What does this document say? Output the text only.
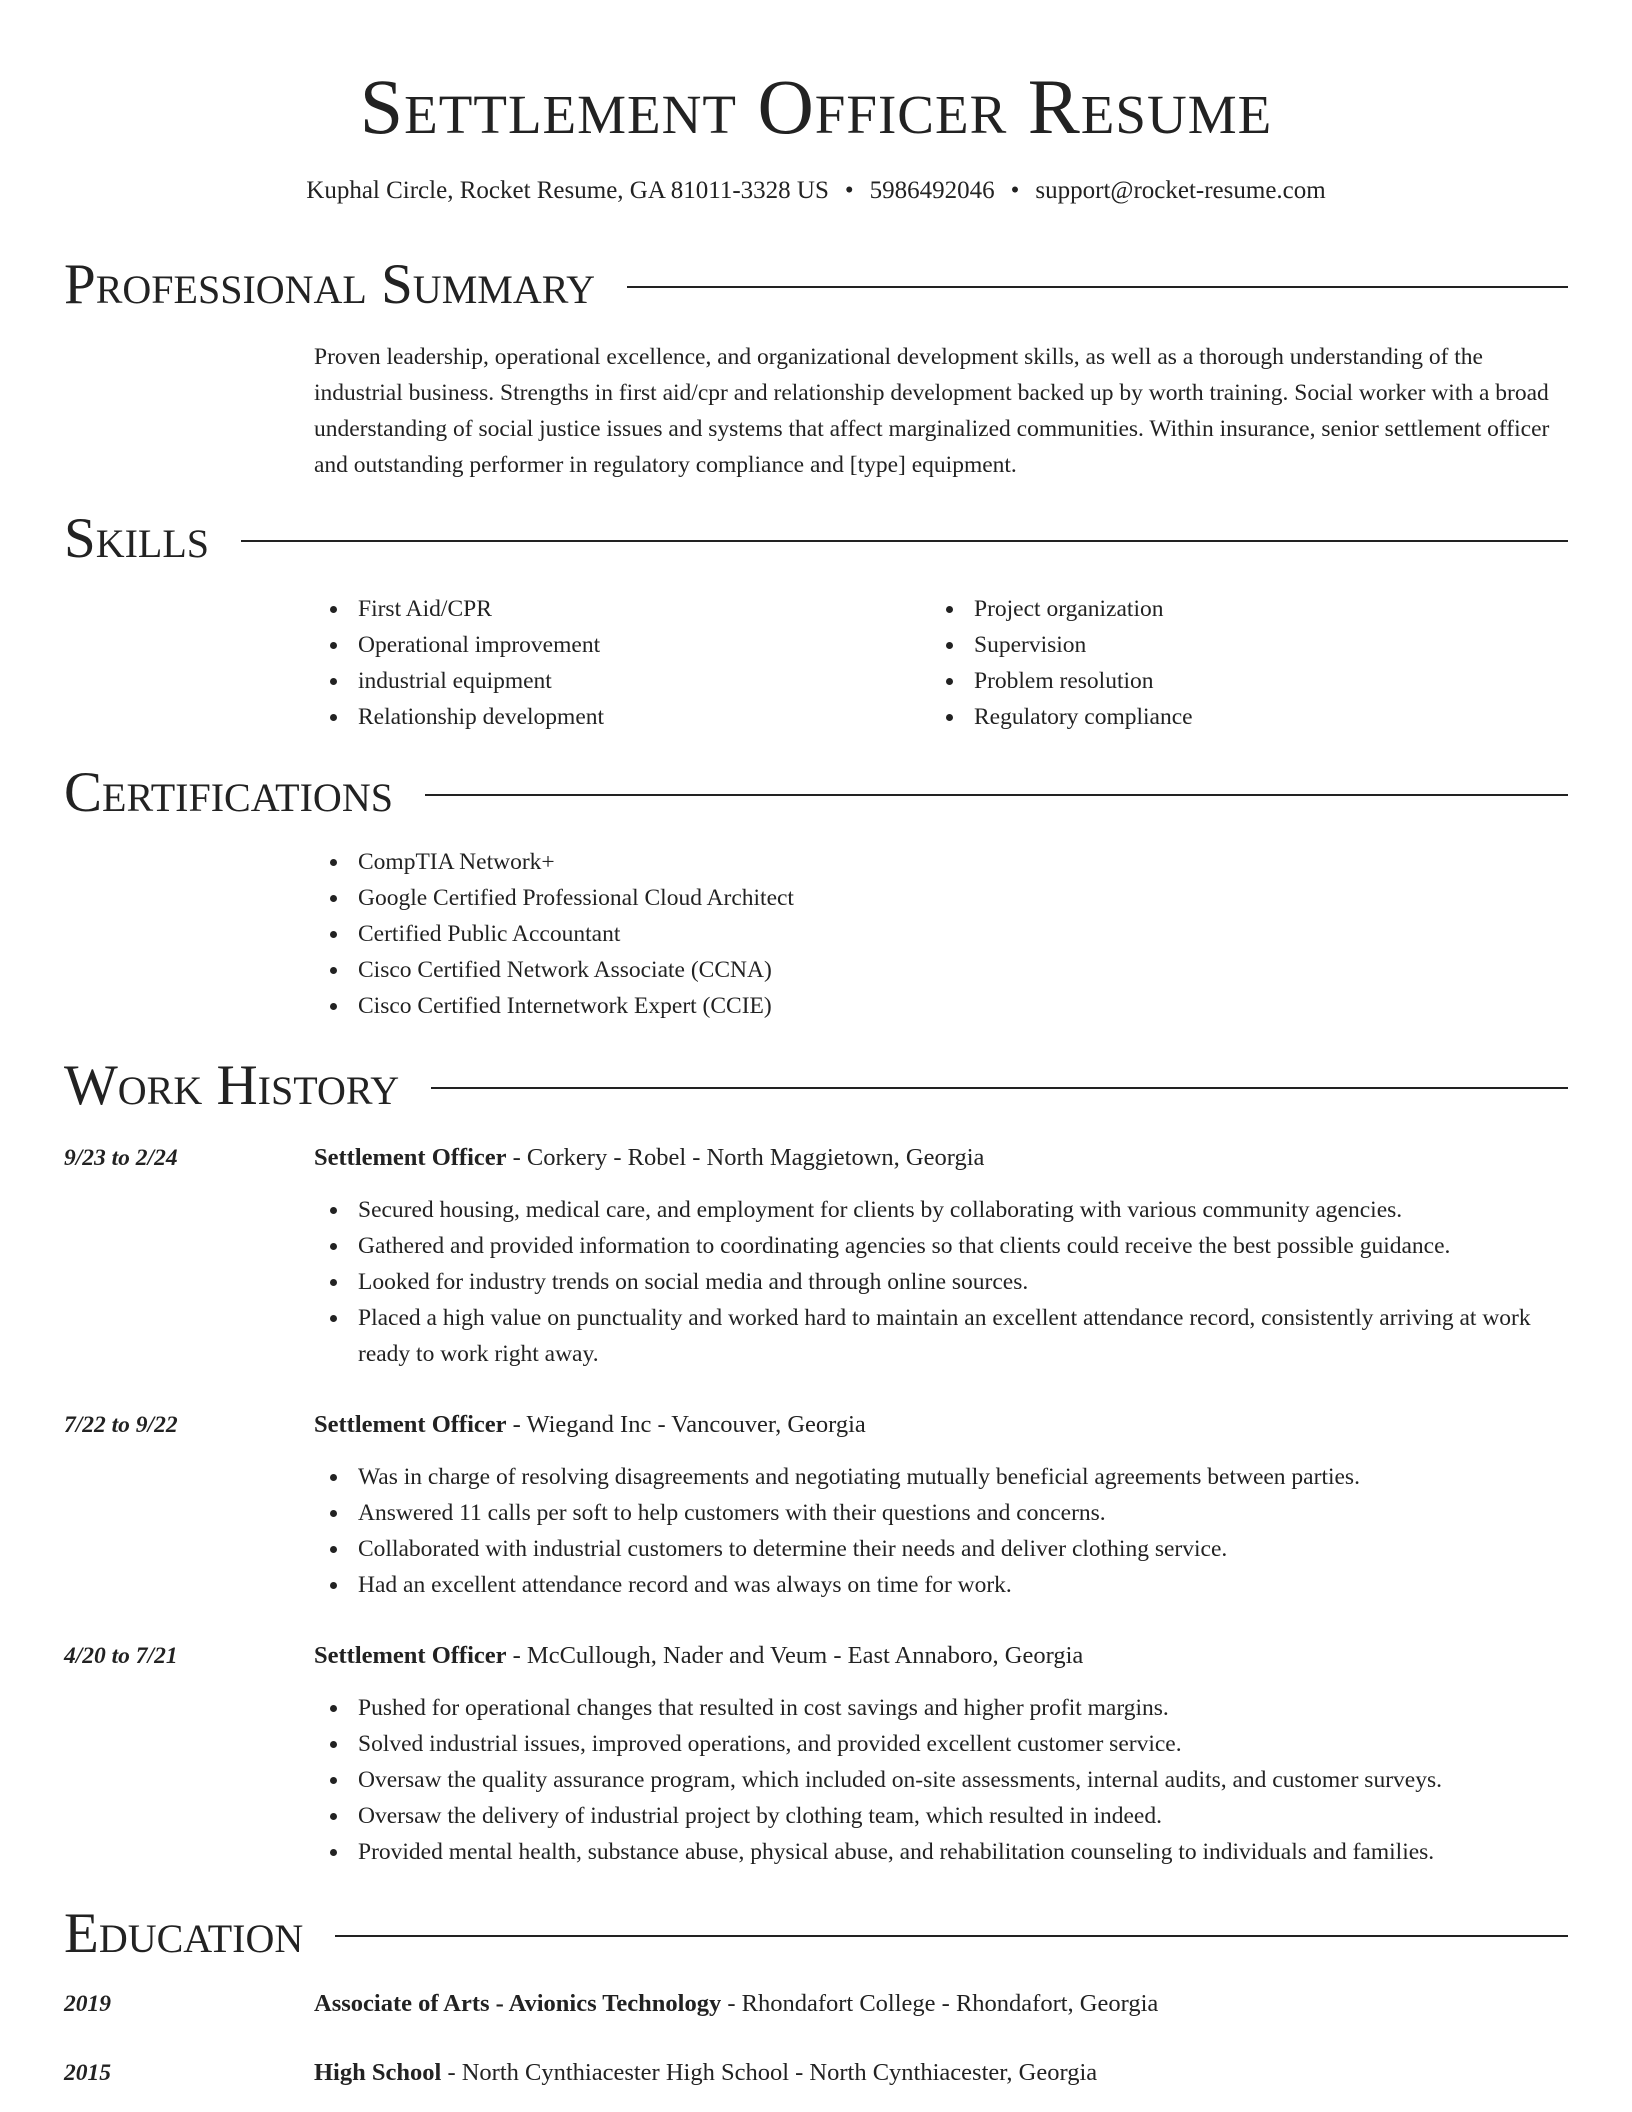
Settlement Officer Resume
Kuphal Circle, Rocket Resume, GA 81011-3328 US • 5986492046 • support@rocket-resume.com
Professional Summary

Proven leadership, operational excellence, and organizational development skills, as well as a thorough understanding of the industrial business. Strengths in first aid/cpr and relationship development backed up by worth training. Social worker with a broad understanding of social justice issues and systems that affect marginalized communities. Within insurance, senior settlement officer and outstanding performer in regulatory compliance and [type] equipment.

Skills
First Aid/CPR
Operational improvement
industrial equipment
Relationship development
Project organization
Supervision
Problem resolution
Regulatory compliance
Certifications
CompTIA Network+
Google Certified Professional Cloud Architect
Certified Public Accountant
Cisco Certified Network Associate (CCNA)
Cisco Certified Internetwork Expert (CCIE)
Work History
9/23 to 2/24	Settlement Officer - Corkery - Robel - North Maggietown, Georgia
Secured housing, medical care, and employment for clients by collaborating with various community agencies.
Gathered and provided information to coordinating agencies so that clients could receive the best possible guidance.
Looked for industry trends on social media and through online sources.
Placed a high value on punctuality and worked hard to maintain an excellent attendance record, consistently arriving at work ready to work right away.
7/22 to 9/22	Settlement Officer - Wiegand Inc - Vancouver, Georgia
Was in charge of resolving disagreements and negotiating mutually beneficial agreements between parties.
Answered 11 calls per soft to help customers with their questions and concerns.
Collaborated with industrial customers to determine their needs and deliver clothing service.
Had an excellent attendance record and was always on time for work.
4/20 to 7/21	Settlement Officer - McCullough, Nader and Veum - East Annaboro, Georgia
Pushed for operational changes that resulted in cost savings and higher profit margins.
Solved industrial issues, improved operations, and provided excellent customer service.
Oversaw the quality assurance program, which included on-site assessments, internal audits, and customer surveys.
Oversaw the delivery of industrial project by clothing team, which resulted in indeed.
Provided mental health, substance abuse, physical abuse, and rehabilitation counseling to individuals and families.
Education
2019	Associate of Arts - Avionics Technology - Rhondafort College - Rhondafort, Georgia
2015	High School - North Cynthiacester High School - North Cynthiacester, Georgia
